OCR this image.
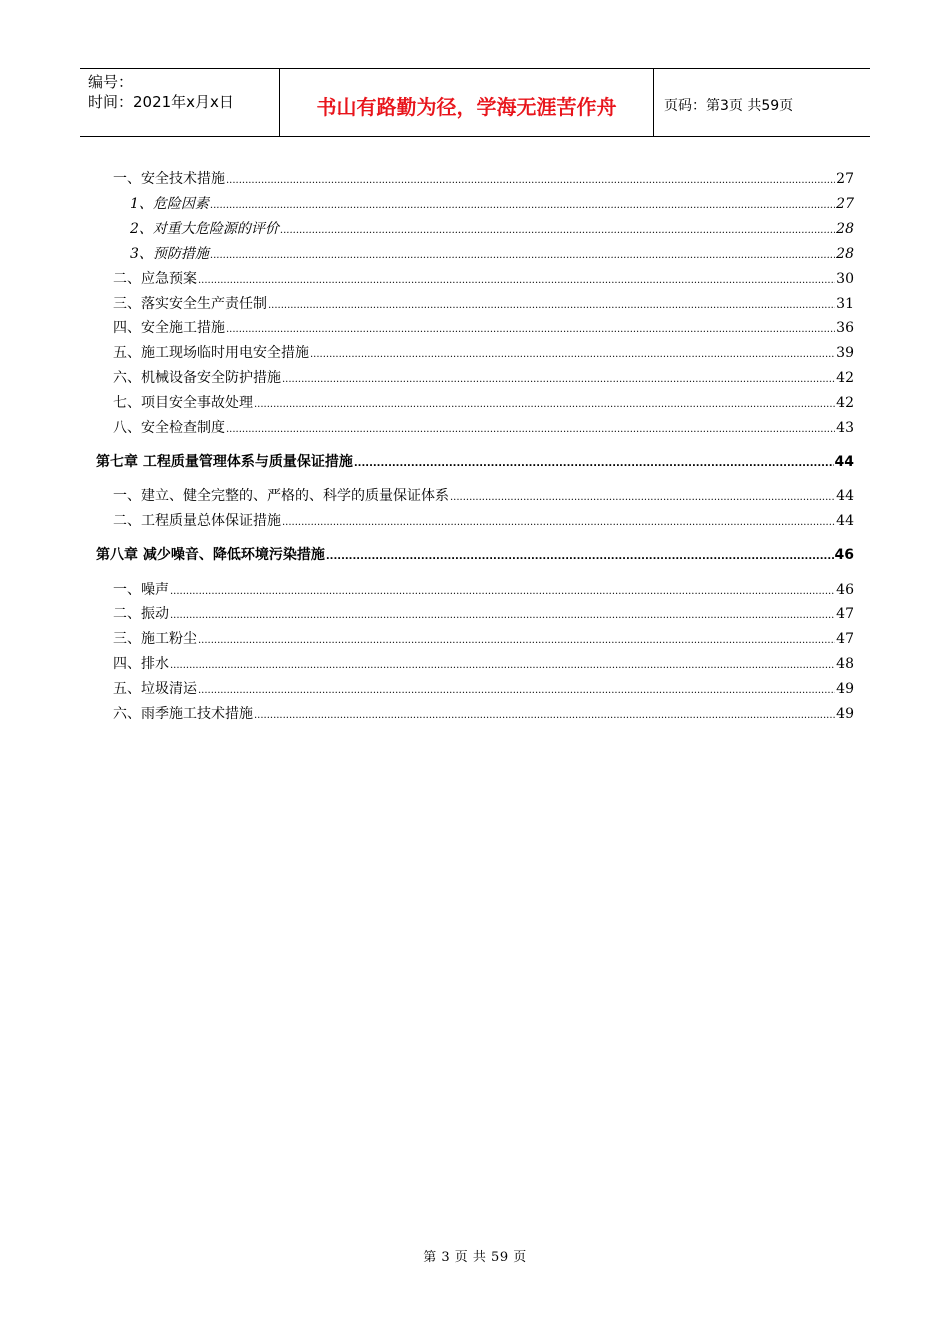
编号：
时间：2021年x月x日	书山有路勤为径，学海无涯苦作舟	页码：第3页 共59页
一、安全技术措施 .....	27
1、危险因素 .....	27
2、对重大危险源的评价 .....	28
3、预防措施 .....	28
二、应急预案 .....	30
三、落实安全生产责任制 .....	31
四、安全施工措施 .....	36
五、施工现场临时用电安全措施 .....	39
六、机械设备安全防护措施 .....	42
七、项目安全事故处理 .....	42
八、安全检查制度 .....	43
第七章 工程质量管理体系与质量保证措施 .....	44
一、建立、健全完整的、严格的、科学的质量保证体系 .....	44
二、工程质量总体保证措施 .....	44
第八章 减少噪音、降低环境污染措施 .....	46
一、噪声 .....	46
二、振动 .....	47
三、施工粉尘 .....	47
四、排水 .....	48
五、垃圾清运 .....	49
六、雨季施工技术措施 .....	49
第 3 页 共 59 页
